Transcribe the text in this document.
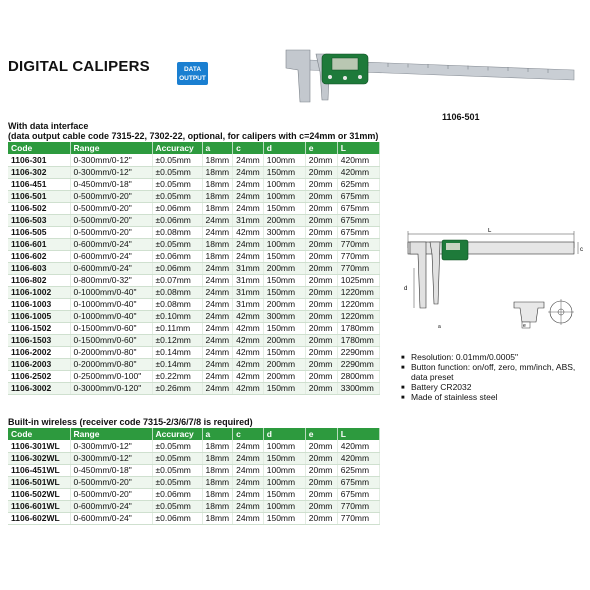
DIGITAL CALIPERS	DATA
OUTPUT
1106-501
With data interface
(data output cable code 7315-22, 7302-22, optional, for calipers with c=24mm or 31mm)
Code	Range	Accuracy	a	c	d	e	L
1106-301	0-300mm/0-12"	±0.05mm	18mm	24mm	100mm	20mm	420mm
1106-302	0-300mm/0-12"	±0.05mm	18mm	24mm	150mm	20mm	420mm
1106-451	0-450mm/0-18"	±0.05mm	18mm	24mm	100mm	20mm	625mm
1106-501	0-500mm/0-20"	±0.05mm	18mm	24mm	100mm	20mm	675mm
1106-502	0-500mm/0-20"	±0.06mm	18mm	24mm	150mm	20mm	675mm
1106-503	0-500mm/0-20"	±0.06mm	24mm	31mm	200mm	20mm	675mm
1106-505	0-500mm/0-20"	±0.08mm	24mm	42mm	300mm	20mm	675mm
1106-601	0-600mm/0-24"	±0.05mm	18mm	24mm	100mm	20mm	770mm
1106-602	0-600mm/0-24"	±0.06mm	18mm	24mm	150mm	20mm	770mm
1106-603	0-600mm/0-24"	±0.06mm	24mm	31mm	200mm	20mm	770mm
1106-802	0-800mm/0-32"	±0.07mm	24mm	31mm	150mm	20mm	1025mm
1106-1002	0-1000mm/0-40"	±0.08mm	24mm	31mm	150mm	20mm	1220mm
1106-1003	0-1000mm/0-40"	±0.08mm	24mm	31mm	200mm	20mm	1220mm
1106-1005	0-1000mm/0-40"	±0.10mm	24mm	42mm	300mm	20mm	1220mm
1106-1502	0-1500mm/0-60"	±0.11mm	24mm	42mm	150mm	20mm	1780mm
1106-1503	0-1500mm/0-60"	±0.12mm	24mm	42mm	200mm	20mm	1780mm
1106-2002	0-2000mm/0-80"	±0.14mm	24mm	42mm	150mm	20mm	2290mm
1106-2003	0-2000mm/0-80"	±0.14mm	24mm	42mm	200mm	20mm	2290mm
1106-2502	0-2500mm/0-100"	±0.22mm	24mm	42mm	200mm	20mm	2800mm
1106-3002	0-3000mm/0-120"	±0.26mm	24mm	42mm	150mm	20mm	3300mm
Built-in wireless (receiver code 7315-2/3/6/7/8 is required)
Code	Range	Accuracy	a	c	d	e	L
1106-301WL	0-300mm/0-12"	±0.05mm	18mm	24mm	100mm	20mm	420mm
1106-302WL	0-300mm/0-12"	±0.05mm	18mm	24mm	150mm	20mm	420mm
1106-451WL	0-450mm/0-18"	±0.05mm	18mm	24mm	100mm	20mm	625mm
1106-501WL	0-500mm/0-20"	±0.05mm	18mm	24mm	100mm	20mm	675mm
1106-502WL	0-500mm/0-20"	±0.06mm	18mm	24mm	150mm	20mm	675mm
1106-601WL	0-600mm/0-24"	±0.05mm	18mm	24mm	100mm	20mm	770mm
1106-602WL	0-600mm/0-24"	±0.06mm	18mm	24mm	150mm	20mm	770mm
L
d
c
e
a
■ Resolution: 0.01mm/0.0005"
■ Button function: on/off, zero, mm/inch, ABS, data preset
■ Battery CR2032
■ Made of stainless steel
